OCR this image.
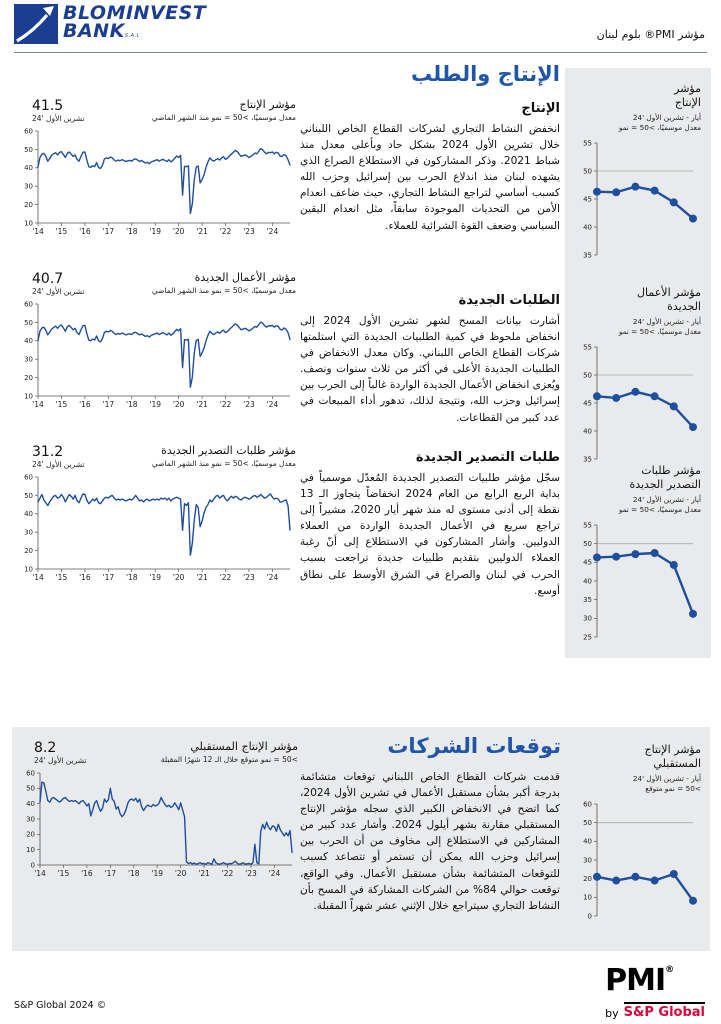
BLOMINVEST
BANKS.A.L	مؤشر PMI® بلوم لبنان
الإنتاج والطلب
مؤشر الإنتاج
معدل موسميًا، >50 = نمو منذ الشهر الماضي
41.5
تشرين الأول '24
60
50
40
30
20
10
'14 '15 '16 '17 '18 '19 '20 '21 '22 '23 '24
مؤشر الأعمال الجديدة
معدل موسميًا، >50 = نمو منذ الشهر الماضي
40.7
تشرين الأول '24
60
50
40
30
20
10
'14 '15 '16 '17 '18 '19 '20 '21 '22 '23 '24
مؤشر طلبات التصدير الجديدة
معدل موسميًا، >50 = نمو منذ الشهر الماضي
31.2
تشرين الأول '24
60
50
40
30
20
10
'14 '15 '16 '17 '18 '19 '20 '21 '22 '23 '24
الإنتاج

انخفض النشاط التجاري لشركات القطاع الخاص اللبناني خلال تشرين الأول 2024 بشكل حاد وبأعلى معدل منذ شباط 2021. وذكر المشاركون في الاستطلاع الصراع الذي يشهده لبنان منذ اندلاع الحرب بين إسرائيل وحزب الله كسبب أساسي لتراجع النشاط التجاري، حيث ضاعف انعدام الأمن من التحديات الموجودة سابقاً، مثل انعدام اليقين السياسي وضعف القوة الشرائية للعملاء.

الطلبات الجديدة

أشارت بيانات المسح لشهر تشرين الأول 2024 إلى انخفاض ملحوظ في كمية الطلبيات الجديدة التي استلمتها شركات القطاع الخاص اللبناني. وكان معدل الانخفاض في الطلبيات الجديدة الأعلى في أكثر من ثلاث سنوات ونصف. ويُعزى انخفاض الأعمال الجديدة الواردة غالباً إلى الحرب بين إسرائيل وحزب الله، ونتيجة لذلك، تدهور أداء المبيعات في عدد كبير من القطاعات.

طلبات التصدير الجديدة

سجّل مؤشر طلبيات التصدير الجديدة المُعدّل موسمياً في بداية الربع الرابع من العام 2024 انخفاضاً يتجاوز الـ 13 نقطة إلى أدنى مستوى له منذ شهر أيار 2020، مشيراً إلى تراجع سريع في الأعمال الجديدة الواردة من العملاء الدوليين. وأشار المشاركون في الاستطلاع إلى أنّ رغبة العملاء الدوليين بتقديم طلبيات جديدة تراجعت بسبب الحرب في لبنان والصراع في الشرق الأوسط على نطاق أوسع.

مؤشر
الإنتاج
أيار - تشرين الأول '24
معدل موسميًا، >50 = نمو
55
50
45
40
35
مؤشر الأعمال
الجديدة
أيار - تشرين الأول '24
معدل موسميًا، >50 = نمو
55
50
45
40
35
مؤشر طلبات
التصدير الجديدة
أيار - تشرين الأول '24
معدل موسميًا، >50 = نمو
55
50
45
40
35
30
25
توقعات الشركات
مؤشر الإنتاج المستقبلي
>50 = نمو متوقع خلال الـ 12 شهرًا المقبلة
8.2
تشرين الأول '24
60
50
40
30
20
10
0
'14 '15 '16 '17 '18 '19 '20 '21 '22 '23 '24

قدمت شركات القطاع الخاص اللبناني توقعات متشائمة بدرجة أكبر بشأن مستقبل الأعمال في تشرين الأول 2024، كما اتضح في الانخفاض الكبير الذي سجله مؤشر الإنتاج المستقبلي مقارنة بشهر أيلول 2024. وأشار عدد كبير من المشاركين في الاستطلاع إلى مخاوف من أن الحرب بين إسرائيل وحزب الله يمكن أن تستمر أو تتصاعد كسبب للتوقعات المتشائمة بشأن مستقبل الأعمال. وفي الواقع، توقعت حوالي 84% من الشركات المشاركة في المسح بأن النشاط التجاري سيتراجع خلال الإثني عشر شهراً المقبلة.

مؤشر الإنتاج
المستقبلي
أيار - تشرين الأول '24
>50 = نمو متوقع
60
50
40
30
20
10
0
S&P Global 2024 ©
PMI®
by S&P Global
